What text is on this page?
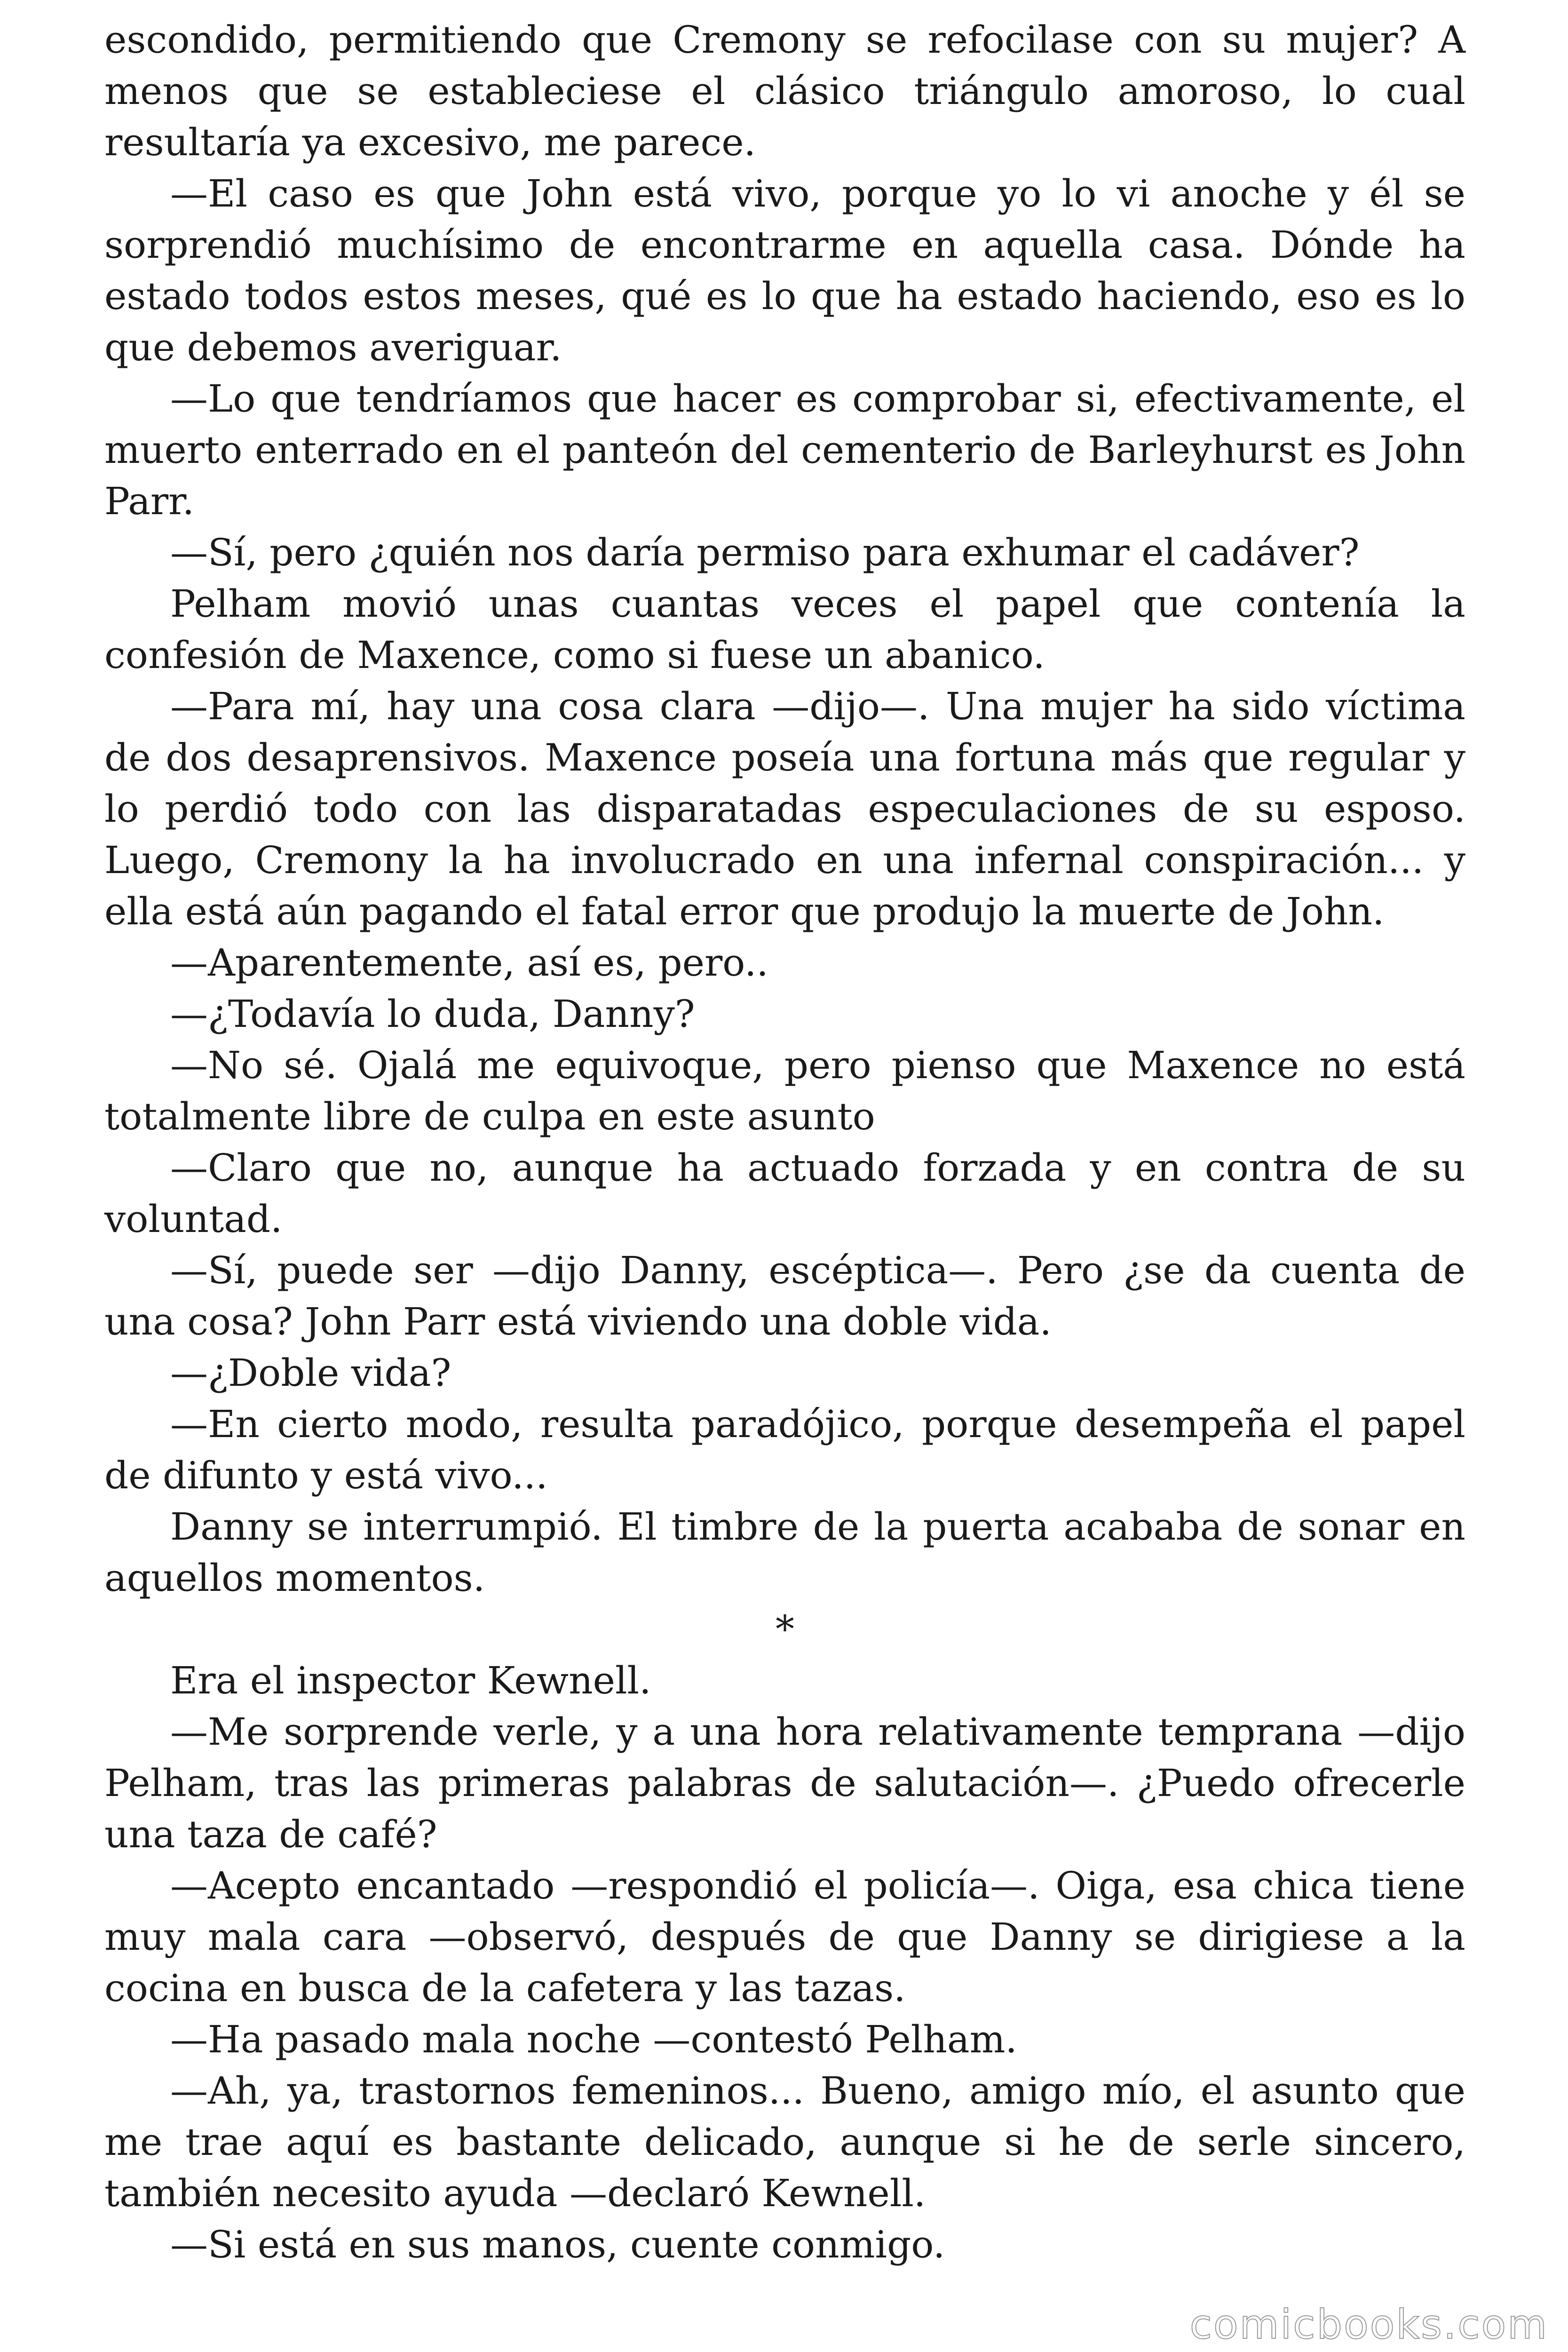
escondido, permitiendo que Cremony se refocilase con su mujer? A menos que se estableciese el clásico triángulo amoroso, lo cual resultaría ya excesivo, me parece.

—El caso es que John está vivo, porque yo lo vi anoche y él se sorprendió muchísimo de encontrarme en aquella casa. Dónde ha estado todos estos meses, qué es lo que ha estado haciendo, eso es lo que debemos averiguar.

—Lo que tendríamos que hacer es comprobar si, efectivamente, el muerto enterrado en el panteón del cementerio de Barleyhurst es John Parr.

—Sí, pero ¿quién nos daría permiso para exhumar el cadáver?

Pelham movió unas cuantas veces el papel que contenía la confesión de Maxence, como si fuese un abanico.

—Para mí, hay una cosa clara —dijo—. Una mujer ha sido víctima de dos desaprensivos. Maxence poseía una fortuna más que regular y lo perdió todo con las disparatadas especulaciones de su esposo. Luego, Cremony la ha involucrado en una infernal conspiración... y ella está aún pagando el fatal error que produjo la muerte de John.

—Aparentemente, así es, pero..

—¿Todavía lo duda, Danny?

—No sé. Ojalá me equivoque, pero pienso que Maxence no está totalmente libre de culpa en este asunto

—Claro que no, aunque ha actuado forzada y en contra de su voluntad.

—Sí, puede ser —dijo Danny, escéptica—. Pero ¿se da cuenta de una cosa? John Parr está viviendo una doble vida.

—¿Doble vida?

—En cierto modo, resulta paradójico, porque desempeña el papel de difunto y está vivo...

Danny se interrumpió. El timbre de la puerta acababa de sonar en aquellos momentos.

*

Era el inspector Kewnell.

—Me sorprende verle, y a una hora relativamente temprana —dijo Pelham, tras las primeras palabras de salutación—. ¿Puedo ofrecerle una taza de café?

—Acepto encantado —respondió el policía—. Oiga, esa chica tiene muy mala cara —observó, después de que Danny se dirigiese a la cocina en busca de la cafetera y las tazas.

—Ha pasado mala noche —contestó Pelham.

—Ah, ya, trastornos femeninos... Bueno, amigo mío, el asunto que me trae aquí es bastante delicado, aunque si he de serle sincero, también necesito ayuda —declaró Kewnell.

—Si está en sus manos, cuente conmigo.

comicbooks.com
